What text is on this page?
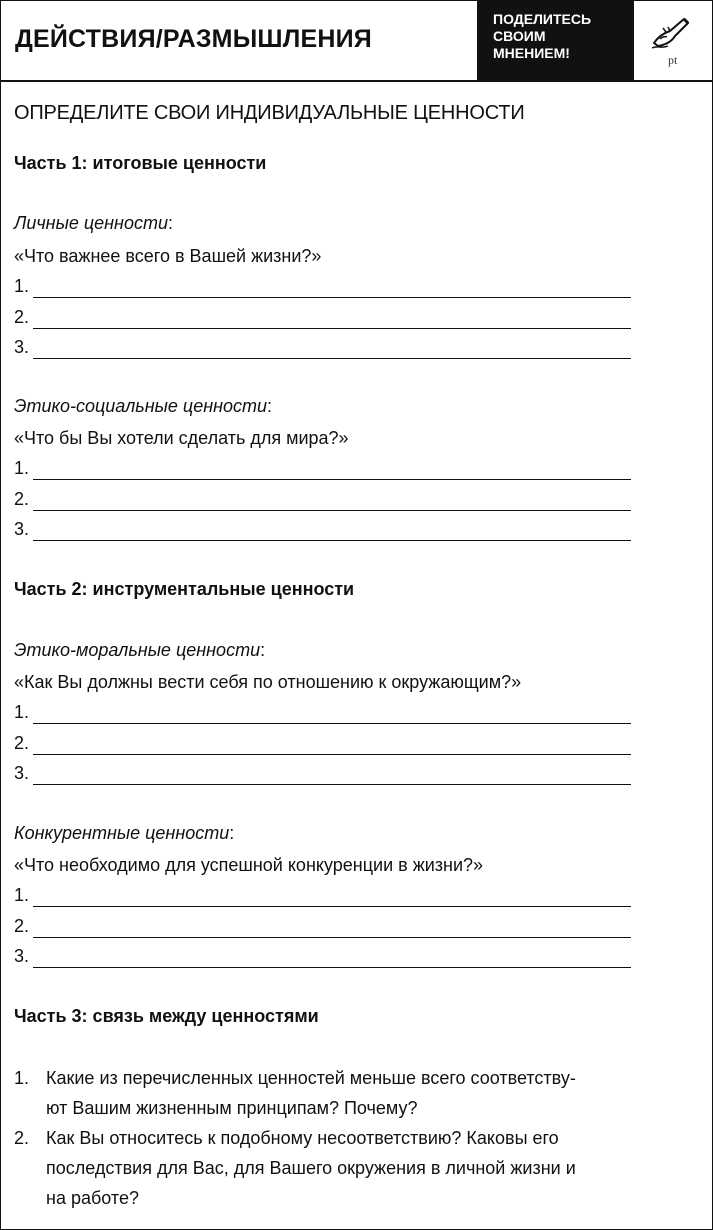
ДЕЙСТВИЯ/РАЗМЫШЛЕНИЯ
ПОДЕЛИТЕСЬ
СВОИМ
МНЕНИЕМ!	pt
ОПРЕДЕЛИТЕ СВОИ ИНДИВИДУАЛЬНЫЕ ЦЕННОСТИ
Часть 1: итоговые ценности
Личные ценности:
«Что важнее всего в Вашей жизни?»
1.
2.
3.
Этико-социальные ценности:
«Что бы Вы хотели сделать для мира?»
1.
2.
3.
Часть 2: инструментальные ценности
Этико-моральные ценности:
«Как Вы должны вести себя по отношению к окружающим?»
1.
2.
3.
Конкурентные ценности:
«Что необходимо для успешной конкуренции в жизни?»
1.
2.
3.
Часть 3: связь между ценностями
1. Какие из перечисленных ценностей меньше всего соответству-
ют Вашим жизненным принципам? Почему?
2. Как Вы относитесь к подобному несоответствию? Каковы его
последствия для Вас, для Вашего окружения в личной жизни и
на работе?
